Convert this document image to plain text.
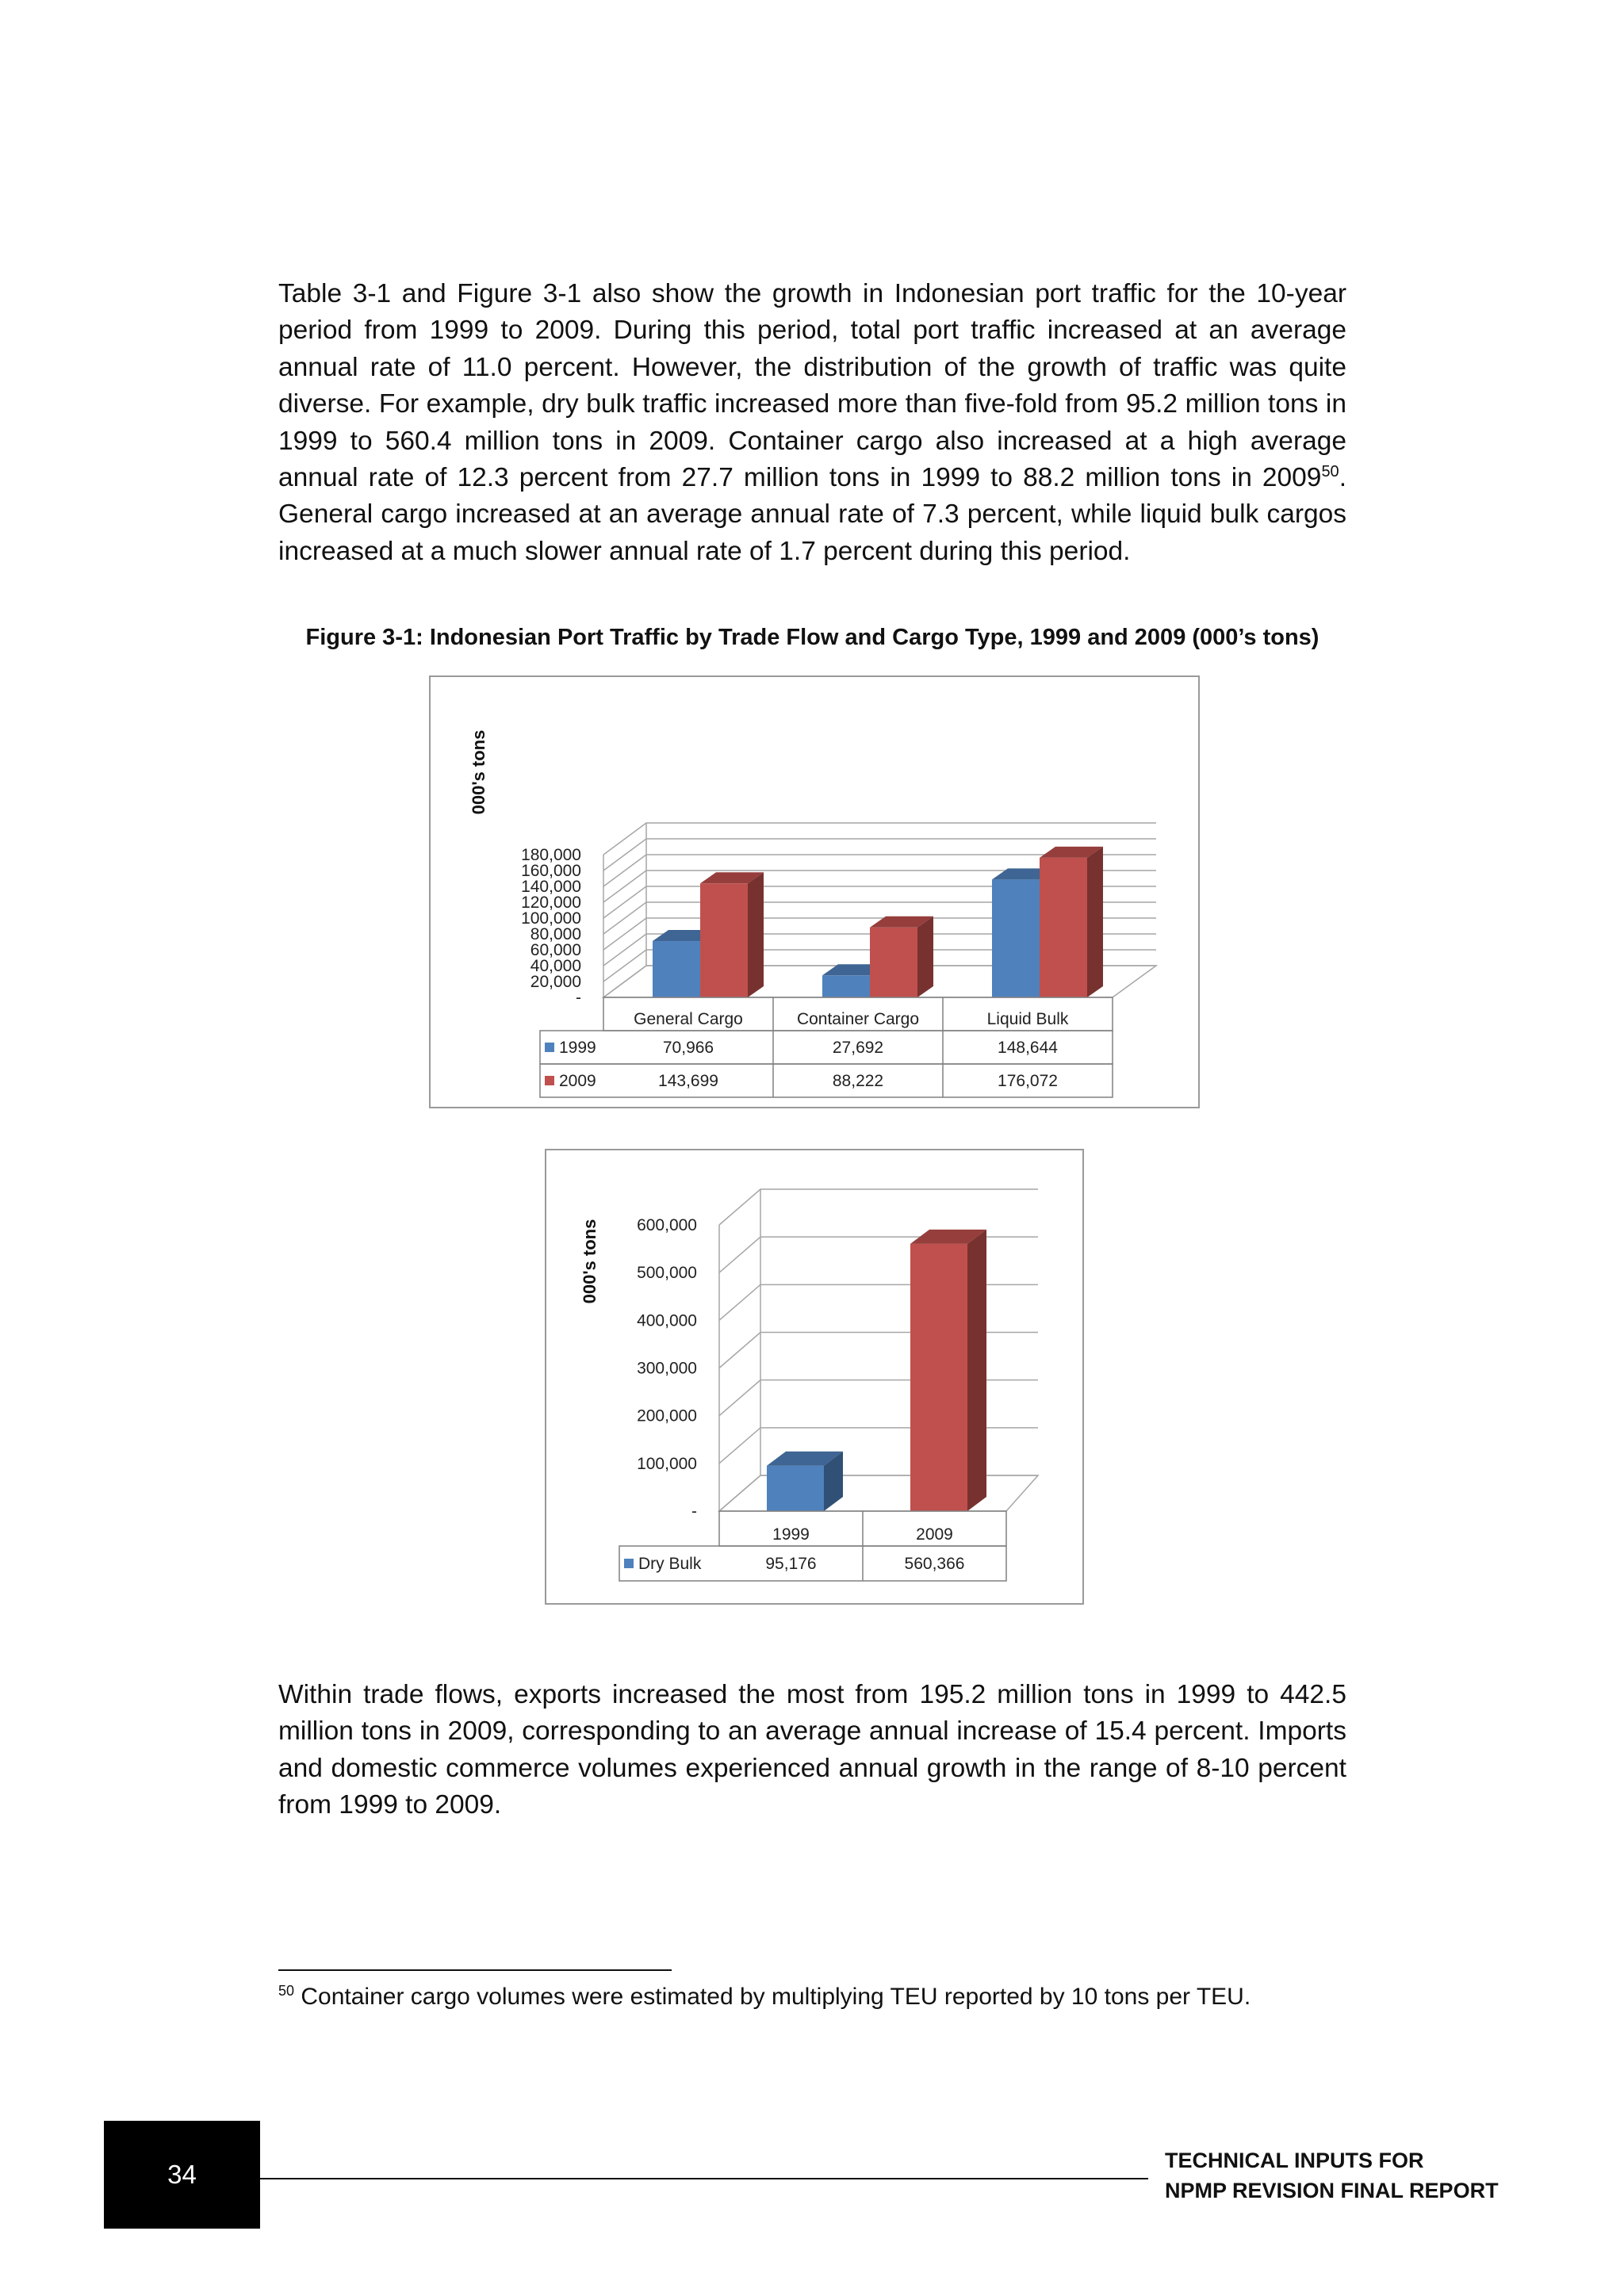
Table 3-1 and Figure 3-1 also show the growth in Indonesian port traffic for the 10-year period from 1999 to 2009. During this period, total port traffic increased at an average annual rate of 11.0 percent. However, the distribution of the growth of traffic was quite diverse. For example, dry bulk traffic increased more than five-fold from 95.2 million tons in 1999 to 560.4 million tons in 2009. Container cargo also increased at a high average annual rate of 12.3 percent from 27.7 million tons in 1999 to 88.2 million tons in 2009$^{50}$. General cargo increased at an average annual rate of 7.3 percent, while liquid bulk cargos increased at a much slower annual rate of 1.7 percent during this period.

Figure 3-1: Indonesian Port Traffic by Trade Flow and Cargo Type, 1999 and 2009 (000’s tons)

-
20,000
40,000
60,000
80,000
100,000
120,000
140,000
160,000
180,000
000's tons
General Cargo	Container Cargo	Liquid Bulk
1999	70,966	27,692	148,644
2009	143,699	88,222	176,072
-
100,000
200,000
300,000
400,000
500,000
600,000
000's tons
1999	2009
Dry Bulk	95,176	560,366

Within trade flows, exports increased the most from 195.2 million tons in 1999 to 442.5 million tons in 2009, corresponding to an average annual increase of 15.4 percent. Imports and domestic commerce volumes experienced annual growth in the range of 8-10 percent from 1999 to 2009.

$^{50}$ Container cargo volumes were estimated by multiplying TEU reported by 10 tons per TEU.

34	TECHNICAL INPUTS FOR
NPMP REVISION FINAL REPORT
